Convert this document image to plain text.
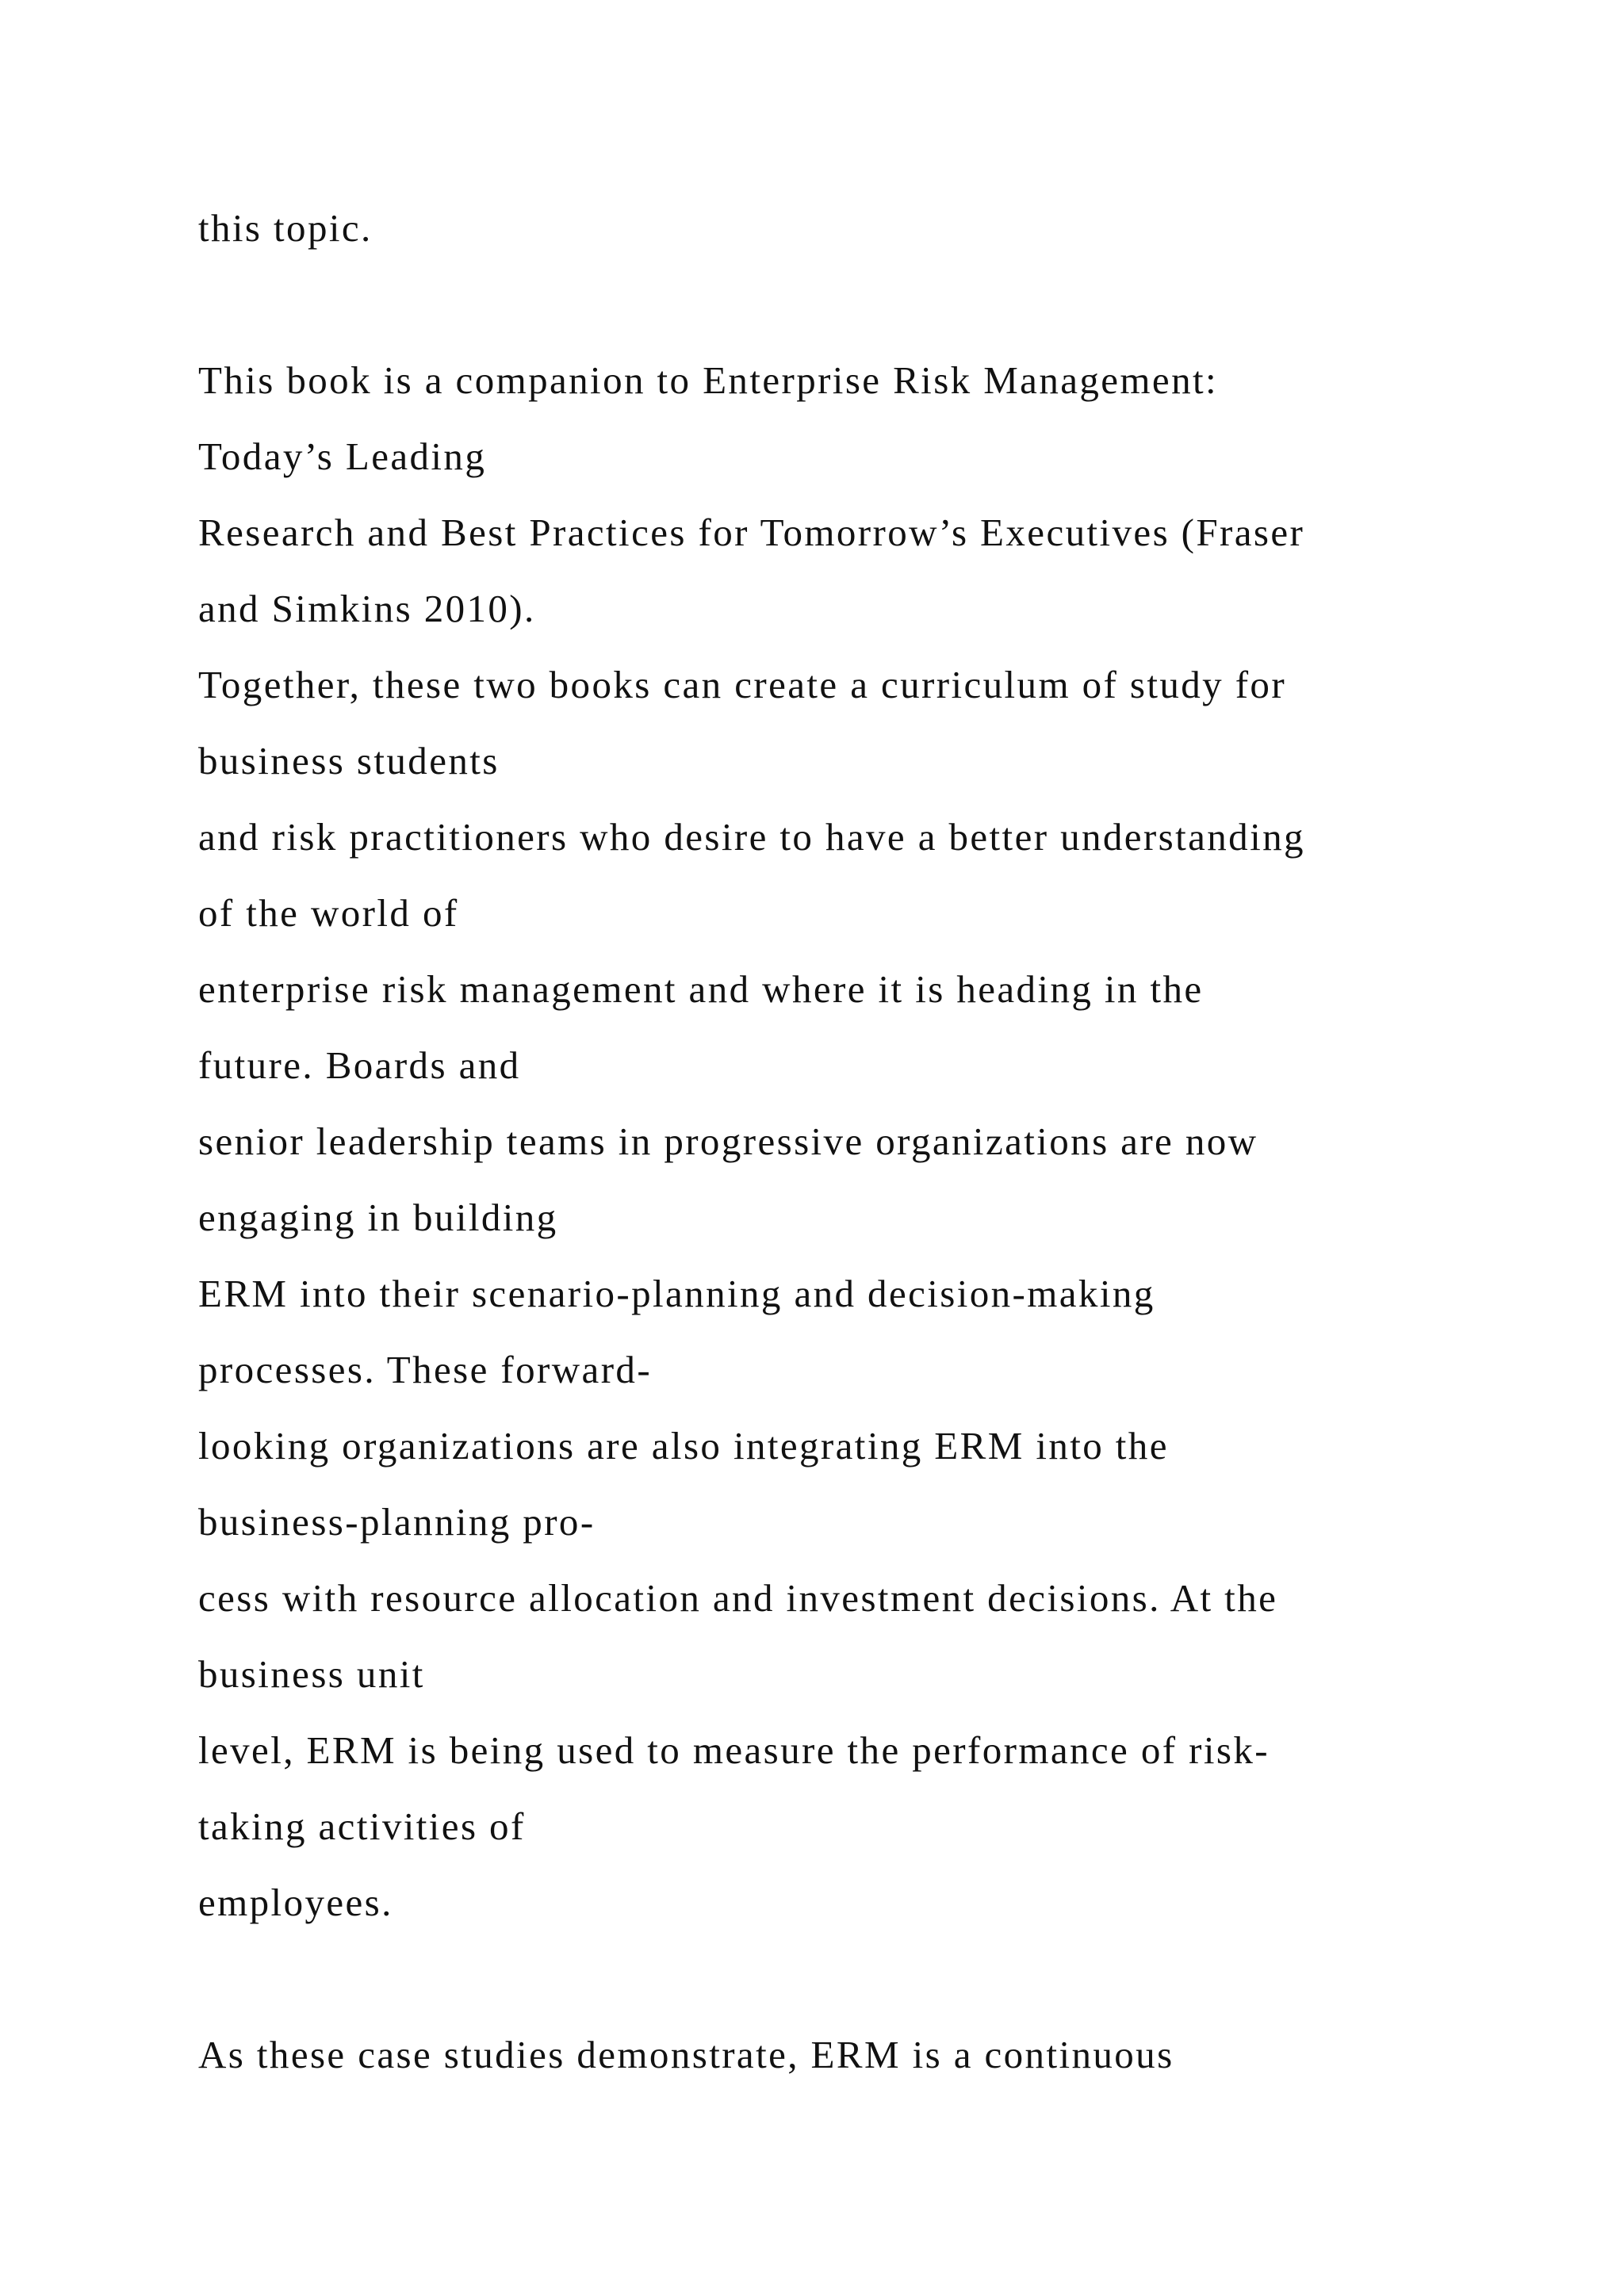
this topic.

This book is a companion to Enterprise Risk Management:

Today’s Leading

Research and Best Practices for Tomorrow’s Executives (Fraser

and Simkins 2010).

Together, these two books can create a curriculum of study for

business students

and risk practitioners who desire to have a better understanding

of the world of

enterprise risk management and where it is heading in the

future. Boards and

senior leadership teams in progressive organizations are now

engaging in building

ERM into their scenario-planning and decision-making

processes. These forward-

looking organizations are also integrating ERM into the

business-planning pro-

cess with resource allocation and investment decisions. At the

business unit

level, ERM is being used to measure the performance of risk-

taking activities of

employees.

As these case studies demonstrate, ERM is a continuous
